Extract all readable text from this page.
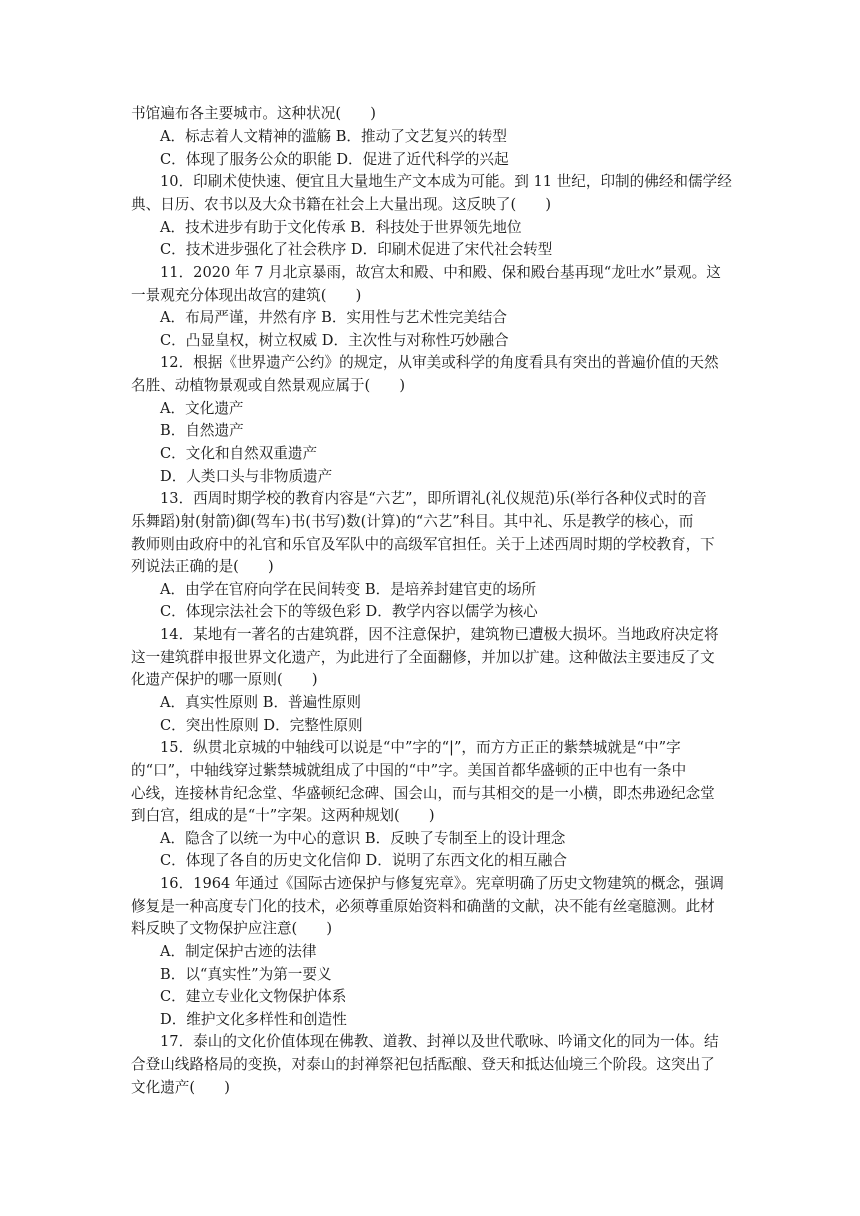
书馆遍布各主要城市。这种状况(　　)
A．标志着人文精神的滥觞 B．推动了文艺复兴的转型
C．体现了服务公众的职能 D．促进了近代科学的兴起
10．印刷术使快速、便宜且大量地生产文本成为可能。到 11 世纪，印制的佛经和儒学经
典、日历、农书以及大众书籍在社会上大量出现。这反映了(　　)
A．技术进步有助于文化传承 B．科技处于世界领先地位
C．技术进步强化了社会秩序 D．印刷术促进了宋代社会转型
11．2020 年 7 月北京暴雨，故宫太和殿、中和殿、保和殿台基再现“龙吐水”景观。这
一景观充分体现出故宫的建筑(　　)
A．布局严谨，井然有序 B．实用性与艺术性完美结合
C．凸显皇权，树立权威 D．主次性与对称性巧妙融合
12．根据《世界遗产公约》的规定，从审美或科学的角度看具有突出的普遍价值的天然
名胜、动植物景观或自然景观应属于(　　)
A．文化遗产
B．自然遗产
C．文化和自然双重遗产
D．人类口头与非物质遗产
13．西周时期学校的教育内容是“六艺”，即所谓礼(礼仪规范)乐(举行各种仪式时的音
乐舞蹈)射(射箭)御(驾车)书(书写)数(计算)的“六艺”科目。其中礼、乐是教学的核心，而
教师则由政府中的礼官和乐官及军队中的高级军官担任。关于上述西周时期的学校教育，下
列说法正确的是(　　)
A．由学在官府向学在民间转变 B．是培养封建官吏的场所
C．体现宗法社会下的等级色彩 D．教学内容以儒学为核心
14．某地有一著名的古建筑群，因不注意保护，建筑物已遭极大损坏。当地政府决定将
这一建筑群申报世界文化遗产，为此进行了全面翻修，并加以扩建。这种做法主要违反了文
化遗产保护的哪一原则(　　)
A．真实性原则 B．普遍性原则
C．突出性原则 D．完整性原则
15．纵贯北京城的中轴线可以说是“中”字的“|”，而方方正正的紫禁城就是“中”字
的“口”，中轴线穿过紫禁城就组成了中国的“中”字。美国首都华盛顿的正中也有一条中
心线，连接林肯纪念堂、华盛顿纪念碑、国会山，而与其相交的是一小横，即杰弗逊纪念堂
到白宫，组成的是“十”字架。这两种规划(　　)
A．隐含了以统一为中心的意识 B．反映了专制至上的设计理念
C．体现了各自的历史文化信仰 D．说明了东西文化的相互融合
16．1964 年通过《国际古迹保护与修复宪章》。宪章明确了历史文物建筑的概念，强调
修复是一种高度专门化的技术，必须尊重原始资料和确凿的文献，决不能有丝毫臆测。此材
料反映了文物保护应注意(　　)
A．制定保护古迹的法律
B．以“真实性”为第一要义
C．建立专业化文物保护体系
D．维护文化多样性和创造性
17．泰山的文化价值体现在佛教、道教、封禅以及世代歌咏、吟诵文化的同为一体。结
合登山线路格局的变换，对泰山的封禅祭祀包括酝酿、登天和抵达仙境三个阶段。这突出了
文化遗产(　　)
